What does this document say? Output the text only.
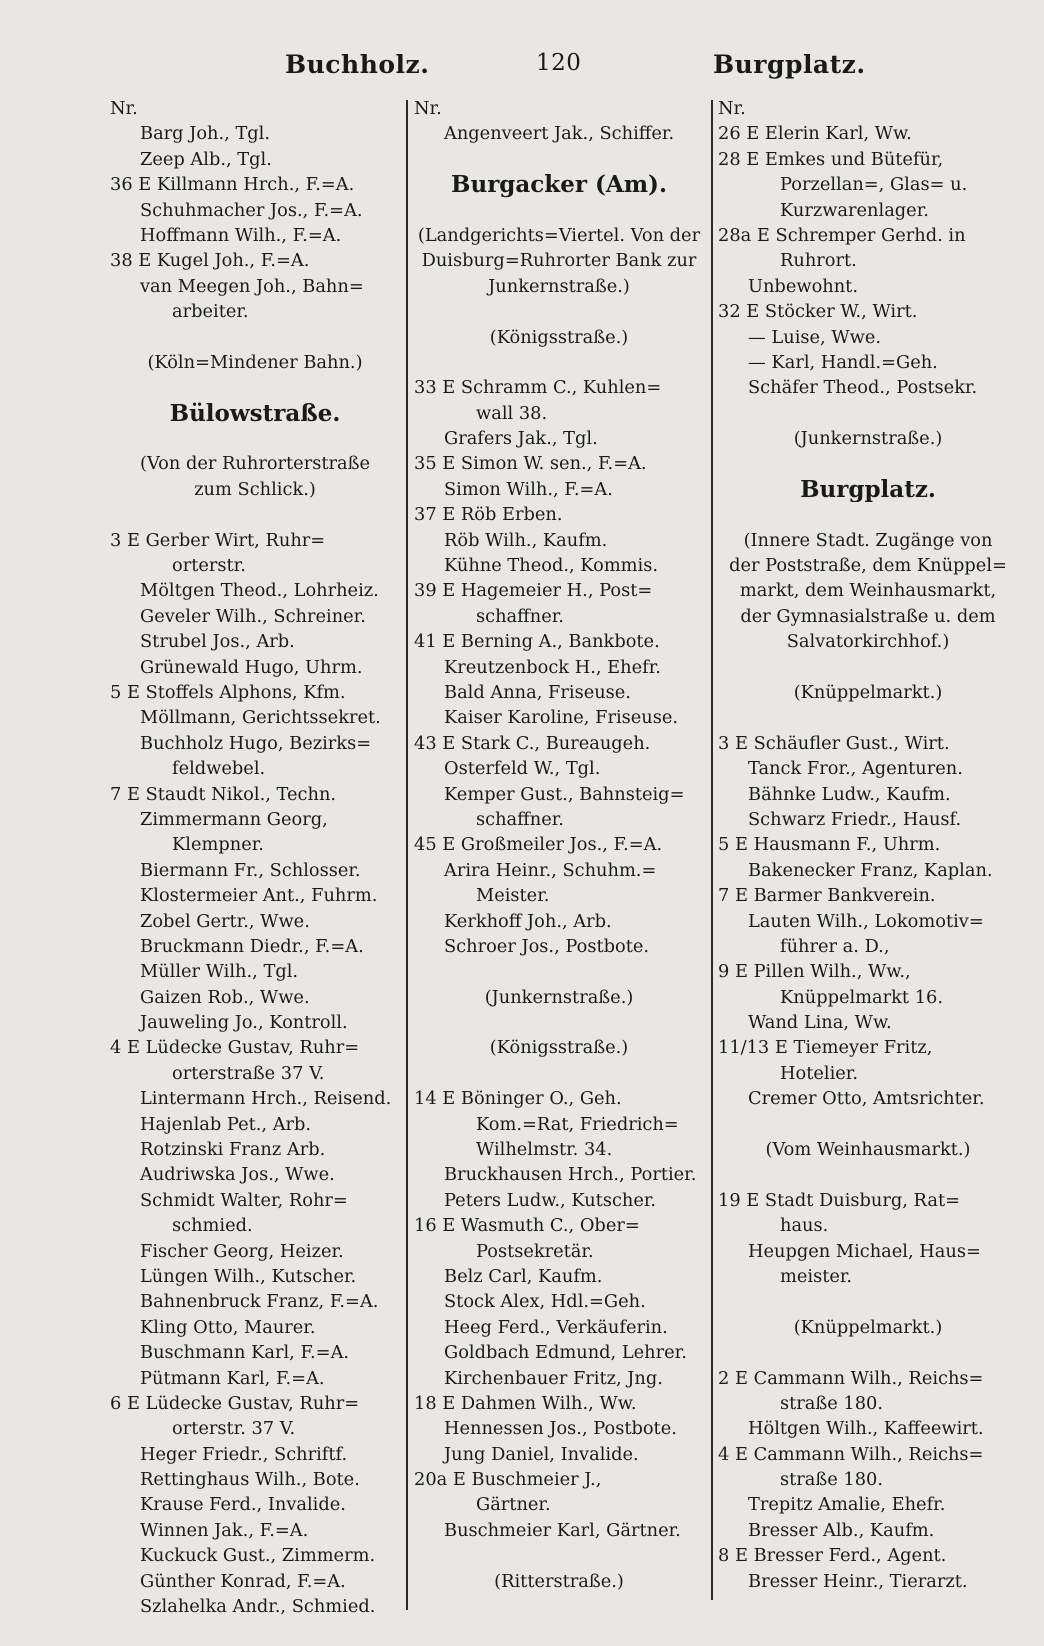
Buchholz.	120	Burgplatz.
Nr.
Barg Joh., Tgl.
Zeep Alb., Tgl.
36 E Killmann Hrch., F.=A.
Schuhmacher Jos., F.=A.
Hoffmann Wilh., F.=A.
38 E Kugel Joh., F.=A.
van Meegen Joh., Bahn=
arbeiter.
(Köln=Mindener Bahn.)
Bülowstraße.
(Von der Ruhrorterstraße
zum Schlick.)
3 E Gerber Wirt, Ruhr=
orterstr.
Möltgen Theod., Lohrheiz.
Geveler Wilh., Schreiner.
Strubel Jos., Arb.
Grünewald Hugo, Uhrm.
5 E Stoffels Alphons, Kfm.
Möllmann, Gerichtssekret.
Buchholz Hugo, Bezirks=
feldwebel.
7 E Staudt Nikol., Techn.
Zimmermann Georg,
Klempner.
Biermann Fr., Schlosser.
Klostermeier Ant., Fuhrm.
Zobel Gertr., Wwe.
Bruckmann Diedr., F.=A.
Müller Wilh., Tgl.
Gaizen Rob., Wwe.
Jauweling Jo., Kontroll.
4 E Lüdecke Gustav, Ruhr=
orterstraße 37 V.
Lintermann Hrch., Reisend.
Hajenlab Pet., Arb.
Rotzinski Franz Arb.
Audriwska Jos., Wwe.
Schmidt Walter, Rohr=
schmied.
Fischer Georg, Heizer.
Lüngen Wilh., Kutscher.
Bahnenbruck Franz, F.=A.
Kling Otto, Maurer.
Buschmann Karl, F.=A.
Pütmann Karl, F.=A.
6 E Lüdecke Gustav, Ruhr=
orterstr. 37 V.
Heger Friedr., Schriftf.
Rettinghaus Wilh., Bote.
Krause Ferd., Invalide.
Winnen Jak., F.=A.
Kuckuck Gust., Zimmerm.
Günther Konrad, F.=A.
Szlahelka Andr., Schmied.
Nr.
Angenveert Jak., Schiffer.
Burgacker (Am).
(Landgerichts=Viertel. Von der
Duisburg=Ruhrorter Bank zur
Junkernstraße.)
(Königsstraße.)
33 E Schramm C., Kuhlen=
wall 38.
Grafers Jak., Tgl.
35 E Simon W. sen., F.=A.
Simon Wilh., F.=A.
37 E Röb Erben.
Röb Wilh., Kaufm.
Kühne Theod., Kommis.
39 E Hagemeier H., Post=
schaffner.
41 E Berning A., Bankbote.
Kreutzenbock H., Ehefr.
Bald Anna, Friseuse.
Kaiser Karoline, Friseuse.
43 E Stark C., Bureaugeh.
Osterfeld W., Tgl.
Kemper Gust., Bahnsteig=
schaffner.
45 E Großmeiler Jos., F.=A.
Arira Heinr., Schuhm.=
Meister.
Kerkhoff Joh., Arb.
Schroer Jos., Postbote.
(Junkernstraße.)
(Königsstraße.)
14 E Böninger O., Geh.
Kom.=Rat, Friedrich=
Wilhelmstr. 34.
Bruckhausen Hrch., Portier.
Peters Ludw., Kutscher.
16 E Wasmuth C., Ober=
Postsekretär.
Belz Carl, Kaufm.
Stock Alex, Hdl.=Geh.
Heeg Ferd., Verkäuferin.
Goldbach Edmund, Lehrer.
Kirchenbauer Fritz, Jng.
18 E Dahmen Wilh., Ww.
Hennessen Jos., Postbote.
Jung Daniel, Invalide.
20a E Buschmeier J.,
Gärtner.
Buschmeier Karl, Gärtner.
(Ritterstraße.)
Nr.
26 E Elerin Karl, Ww.
28 E Emkes und Bütefür,
Porzellan=, Glas= u.
Kurzwarenlager.
28a E Schremper Gerhd. in
Ruhrort.
Unbewohnt.
32 E Stöcker W., Wirt.
— Luise, Wwe.
— Karl, Handl.=Geh.
Schäfer Theod., Postsekr.
(Junkernstraße.)
Burgplatz.
(Innere Stadt. Zugänge von
der Poststraße, dem Knüppel=
markt, dem Weinhausmarkt,
der Gymnasialstraße u. dem
Salvatorkirchhof.)
(Knüppelmarkt.)
3 E Schäufler Gust., Wirt.
Tanck Fror., Agenturen.
Bähnke Ludw., Kaufm.
Schwarz Friedr., Hausf.
5 E Hausmann F., Uhrm.
Bakenecker Franz, Kaplan.
7 E Barmer Bankverein.
Lauten Wilh., Lokomotiv=
führer a. D.,
9 E Pillen Wilh., Ww.,
Knüppelmarkt 16.
Wand Lina, Ww.
11/13 E Tiemeyer Fritz,
Hotelier.
Cremer Otto, Amtsrichter.
(Vom Weinhausmarkt.)
19 E Stadt Duisburg, Rat=
haus.
Heupgen Michael, Haus=
meister.
(Knüppelmarkt.)
2 E Cammann Wilh., Reichs=
straße 180.
Höltgen Wilh., Kaffeewirt.
4 E Cammann Wilh., Reichs=
straße 180.
Trepitz Amalie, Ehefr.
Bresser Alb., Kaufm.
8 E Bresser Ferd., Agent.
Bresser Heinr., Tierarzt.
